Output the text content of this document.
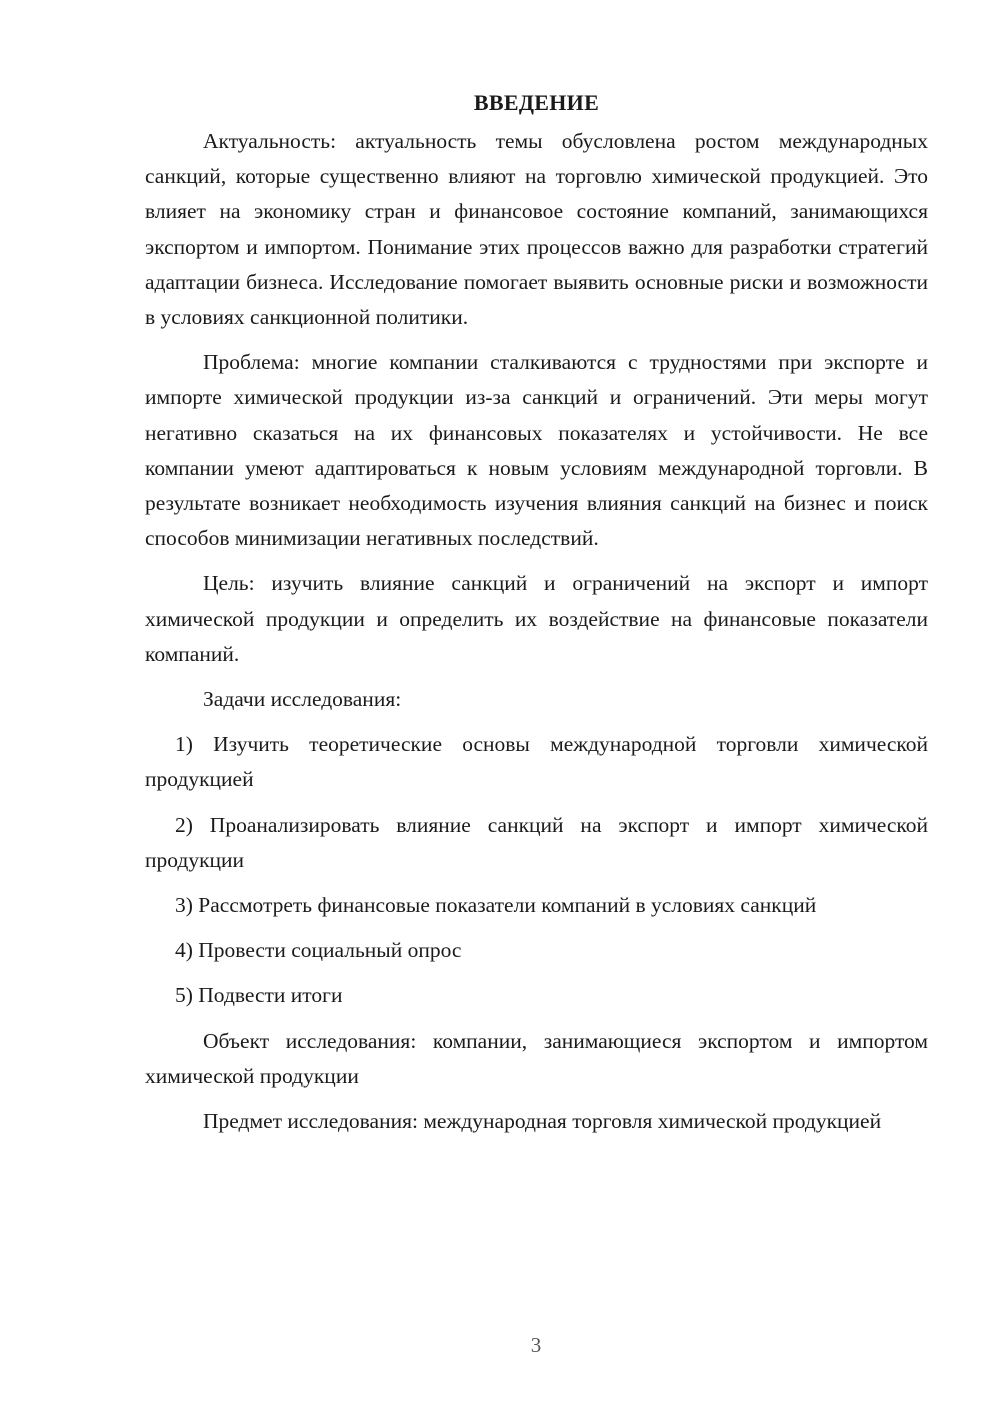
ВВЕДЕНИЕ

Актуальность: актуальность темы обусловлена ростом международных санкций, которые существенно влияют на торговлю химической продукцией. Это влияет на экономику стран и финансовое состояние компаний, занимающихся экспортом и импортом. Понимание этих процессов важно для разработки стратегий адаптации бизнеса. Исследование помогает выявить основные риски и возможности в условиях санкционной политики.

Проблема: многие компании сталкиваются с трудностями при экспорте и импорте химической продукции из-за санкций и ограничений. Эти меры могут негативно сказаться на их финансовых показателях и устойчивости. Не все компании умеют адаптироваться к новым условиям международной торговли. В результате возникает необходимость изучения влияния санкций на бизнес и поиск способов минимизации негативных последствий.

Цель: изучить влияние санкций и ограничений на экспорт и импорт химической продукции и определить их воздействие на финансовые показатели компаний.

Задачи исследования:

1) Изучить теоретические основы международной торговли химической продукцией

2) Проанализировать влияние санкций на экспорт и импорт химической продукции

3) Рассмотреть финансовые показатели компаний в условиях санкций

4) Провести социальный опрос

5) Подвести итоги

Объект исследования: компании, занимающиеся экспортом и импортом химической продукции

Предмет исследования: международная торговля химической продукцией

3
